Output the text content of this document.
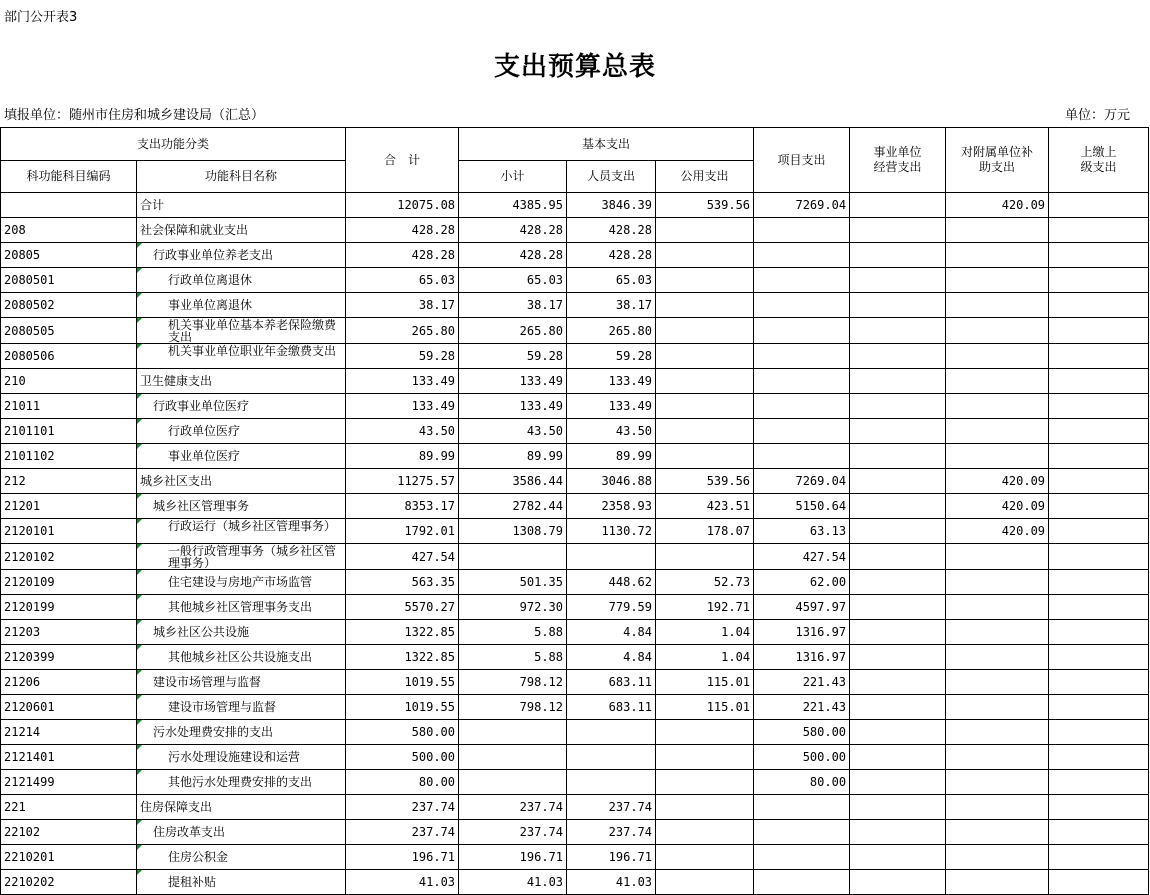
部门公开表3
支出预算总表
填报单位：随州市住房和城乡建设局（汇总）	单位：万元
支出功能分类		合　计	基本支出			项目支出	事业单位经营支出	对附属单位补助支出	上缴上级支出
科功能科目编码	功能科目名称		小计	人员支出	公用支出				
	合计	12075.08	4385.95	3846.39	539.56	7269.04		420.09	
208	社会保障和就业支出	428.28	428.28	428.28					
20805	行政事业单位养老支出	428.28	428.28	428.28					
2080501	行政单位离退休	65.03	65.03	65.03					
2080502	事业单位离退休	38.17	38.17	38.17					
2080505	机关事业单位基本养老保险缴费支出	265.80	265.80	265.80					
2080506	机关事业单位职业年金缴费支出	59.28	59.28	59.28					
210	卫生健康支出	133.49	133.49	133.49					
21011	行政事业单位医疗	133.49	133.49	133.49					
2101101	行政单位医疗	43.50	43.50	43.50					
2101102	事业单位医疗	89.99	89.99	89.99					
212	城乡社区支出	11275.57	3586.44	3046.88	539.56	7269.04		420.09	
21201	城乡社区管理事务	8353.17	2782.44	2358.93	423.51	5150.64		420.09	
2120101	行政运行（城乡社区管理事务）	1792.01	1308.79	1130.72	178.07	63.13		420.09	
2120102	一般行政管理事务（城乡社区管理事务）	427.54				427.54			
2120109	住宅建设与房地产市场监管	563.35	501.35	448.62	52.73	62.00			
2120199	其他城乡社区管理事务支出	5570.27	972.30	779.59	192.71	4597.97			
21203	城乡社区公共设施	1322.85	5.88	4.84	1.04	1316.97			
2120399	其他城乡社区公共设施支出	1322.85	5.88	4.84	1.04	1316.97			
21206	建设市场管理与监督	1019.55	798.12	683.11	115.01	221.43			
2120601	建设市场管理与监督	1019.55	798.12	683.11	115.01	221.43			
21214	污水处理费安排的支出	580.00				580.00			
2121401	污水处理设施建设和运营	500.00				500.00			
2121499	其他污水处理费安排的支出	80.00				80.00			
221	住房保障支出	237.74	237.74	237.74					
22102	住房改革支出	237.74	237.74	237.74					
2210201	住房公积金	196.71	196.71	196.71					
2210202	提租补贴	41.03	41.03	41.03					
